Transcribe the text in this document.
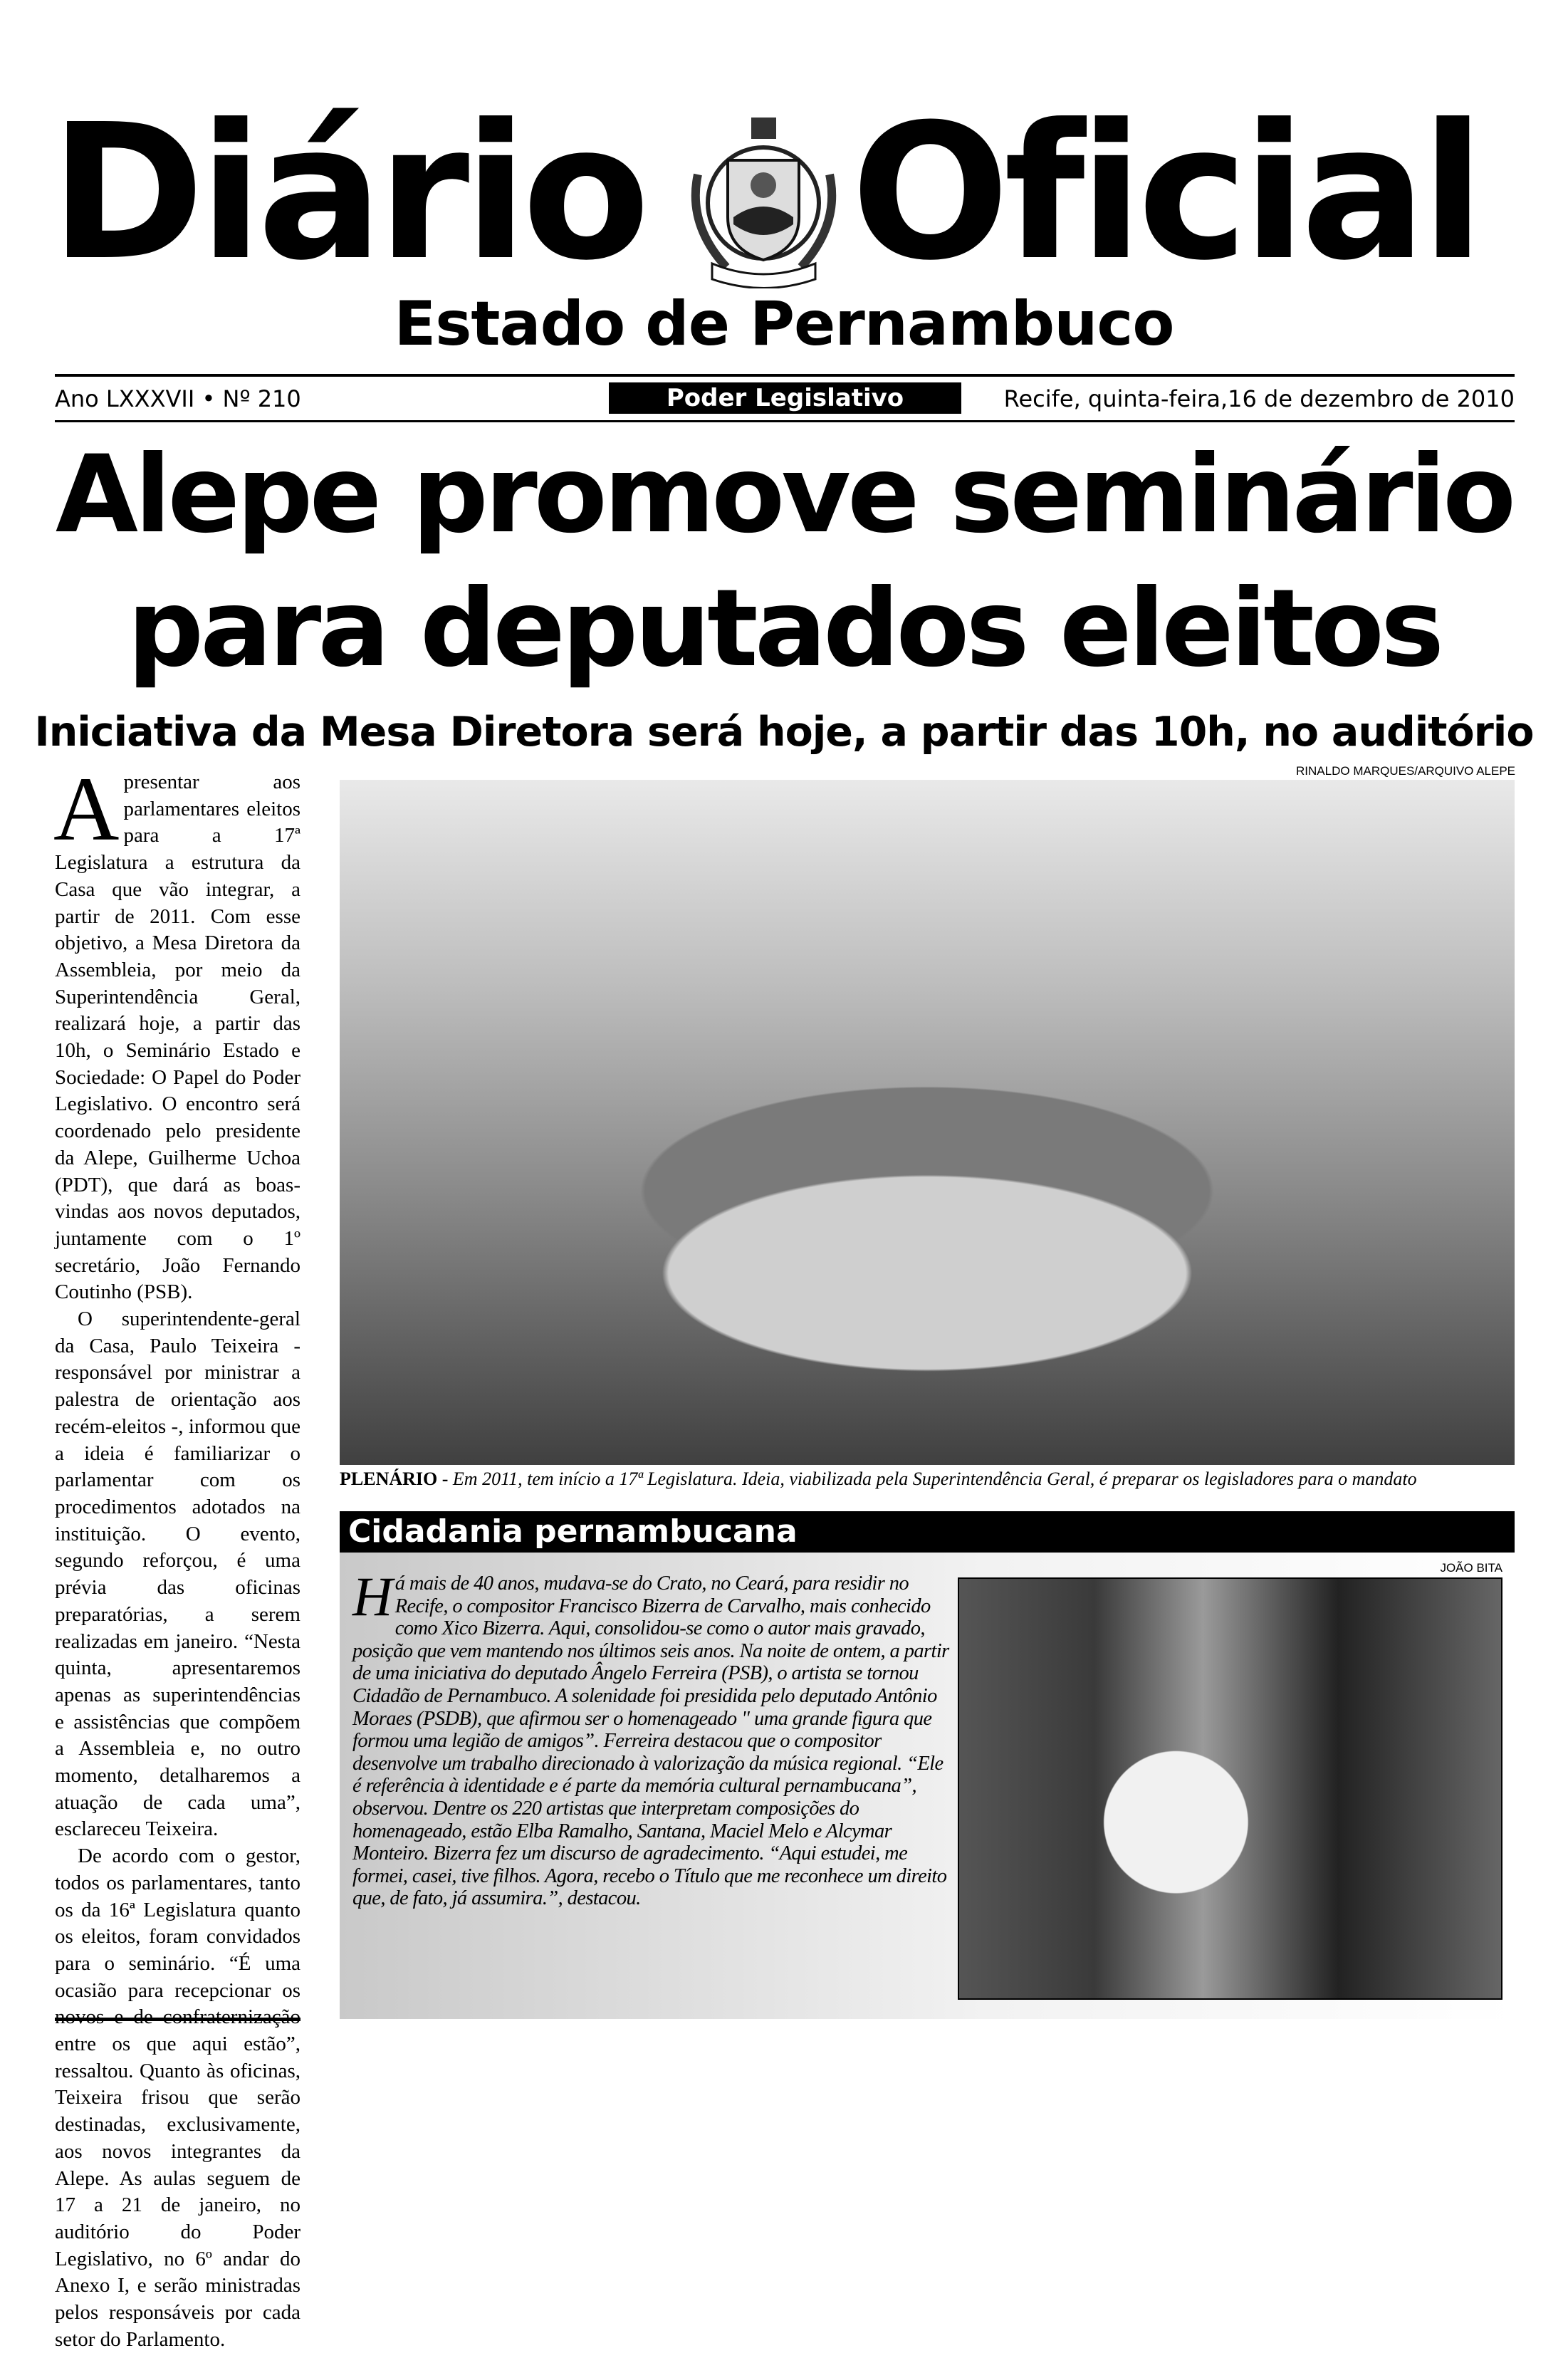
Diário Oficial
Estado de Pernambuco
Ano LXXXVII • Nº 210	Poder Legislativo	Recife, quinta-feira,16 de dezembro de 2010
Alepe promove seminário
para deputados eleitos
Iniciativa da Mesa Diretora será hoje, a partir das 10h, no auditório
RINALDO MARQUES/ARQUIVO ALEPE

Apresentar aos parlamentares eleitos para a 17ª Legislatura a estrutura da Casa que vão integrar, a partir de 2011. Com esse objetivo, a Mesa Diretora da Assembleia, por meio da Superintendência Geral, realizará hoje, a partir das 10h, o Seminário Estado e Sociedade: O Papel do Poder Legislativo. O encontro será coordenado pelo presidente da Alepe, Guilherme Uchoa (PDT), que dará as boas-vindas aos novos deputados, juntamente com o 1º secretário, João Fernando Coutinho (PSB).

O superintendente-geral da Casa, Paulo Teixeira - responsável por ministrar a palestra de orientação aos recém-eleitos -, informou que a ideia é familiarizar o parlamentar com os procedimentos adotados na instituição. O evento, segundo reforçou, é uma prévia das oficinas preparatórias, a serem realizadas em janeiro. “Nesta quinta, apresentaremos apenas as superintendências e assistências que compõem a Assembleia e, no outro momento, detalharemos a atuação de cada uma”, esclareceu Teixeira.

De acordo com o gestor, todos os parlamentares, tanto os da 16ª Legislatura quanto os eleitos, foram convidados para o seminário. “É uma ocasião para recepcionar os entre os que aqui estão”, ressaltou. Quanto às oficinas, Teixeira frisou que serão destinadas, exclusivamente, aos novos integrantes da Alepe. As aulas seguem de 17 a 21 de janeiro, no auditório do Poder Legislativo, no 6º andar do Anexo I, e serão ministradas pelos responsáveis por cada setor do Parlamento.

PLENÁRIO - Em 2011, tem início a 17ª Legislatura. Ideia, viabilizada pela Superintendência Geral, é preparar os legisladores para o mandato
Cidadania pernambucana
JOÃO BITA
Há mais de 40 anos, mudava-se do Crato, no Ceará, para residir no Recife, o compositor Francisco Bizerra de Carvalho, mais conhecido como Xico Bizerra. Aqui, consolidou-se como o autor mais gravado, posição que vem mantendo nos últimos seis anos. Na noite de ontem, a partir de uma iniciativa do deputado Ângelo Ferreira (PSB), o artista se tornou Cidadão de Pernambuco. A solenidade foi presidida pelo deputado Antônio Moraes (PSDB), que afirmou ser o homenageado " uma grande figura que formou uma legião de amigos”. Ferreira destacou que o compositor desenvolve um trabalho direcionado à valorização da música regional. “Ele é referência à identidade e é parte da memória cultural pernambucana”, observou. Dentre os 220 artistas que interpretam composições do homenageado, estão Elba Ramalho, Santana, Maciel Melo e Alcymar Monteiro. Bizerra fez um discurso de agradecimento. “Aqui estudei, me formei, casei, tive filhos. Agora, recebo o Título que me reconhece um direito que, de fato, já assumira.”, destacou.
